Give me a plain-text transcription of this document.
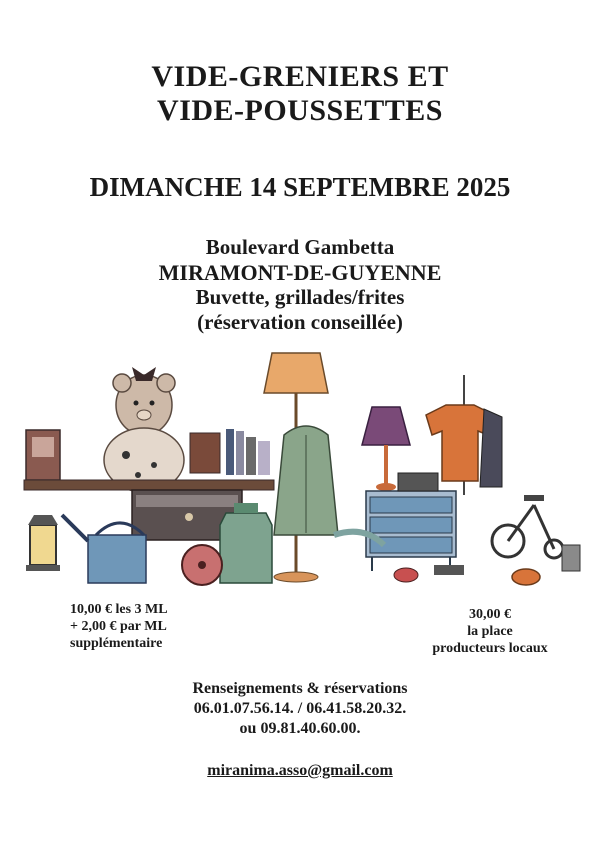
VIDE-GRENIERS ET
VIDE-POUSSETTES
DIMANCHE 14 SEPTEMBRE 2025
Boulevard Gambetta
MIRAMONT-DE-GUYENNE
Buvette, grillades/frites
(réservation conseillée)
10,00 € les 3 ML
+ 2,00 € par ML
supplémentaire
30,00 €
la place
producteurs locaux
Renseignements & réservations
06.01.07.56.14. / 06.41.58.20.32.
ou 09.81.40.60.00.
miranima.asso@gmail.com
